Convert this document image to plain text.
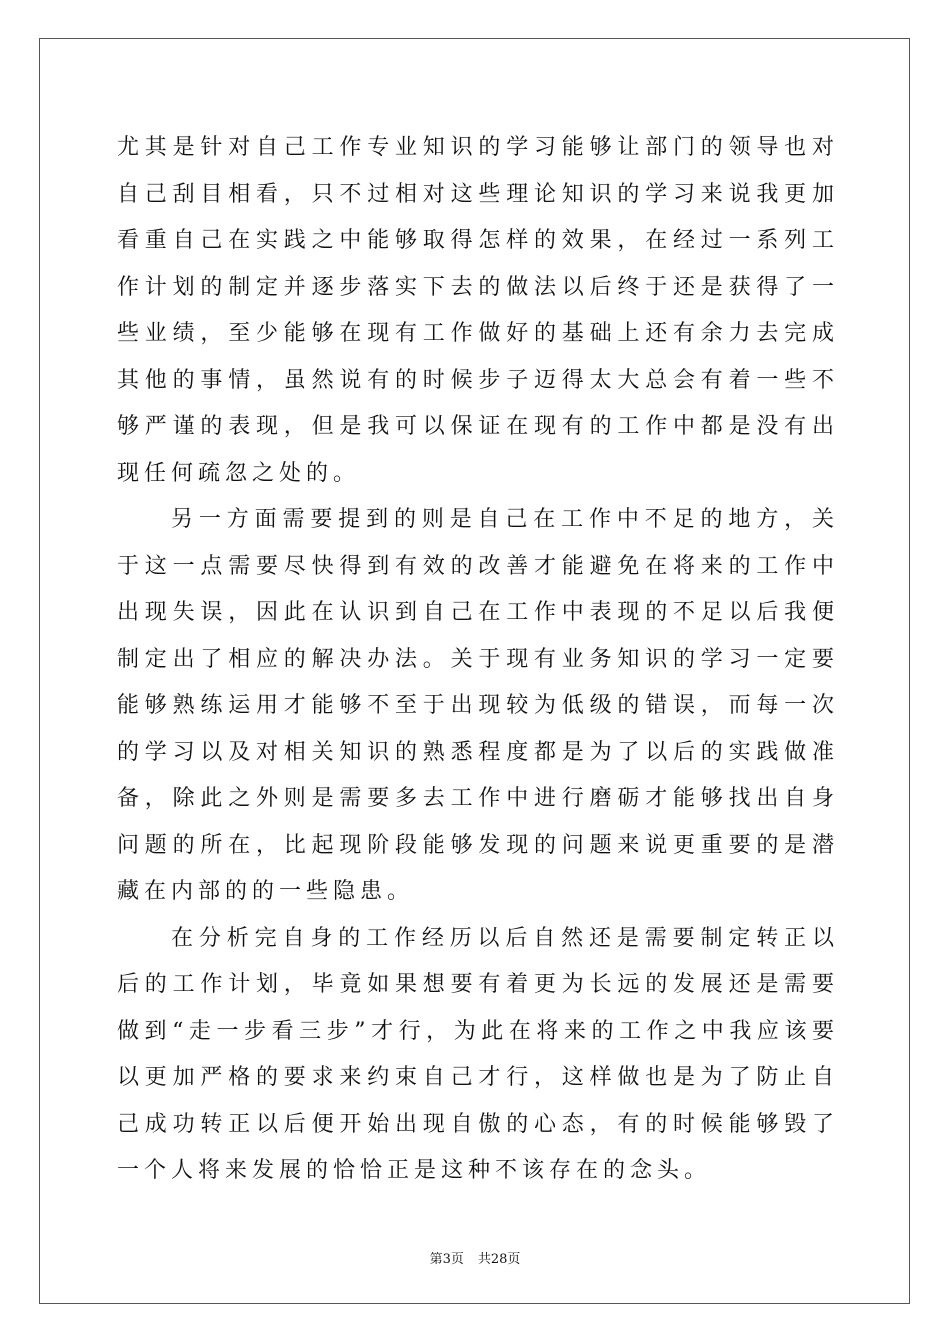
尤其是针对自己工作专业知识的学习能够让部门的领导也对自己刮目相看，只不过相对这些理论知识的学习来说我更加看重自己在实践之中能够取得怎样的效果，在经过一系列工作计划的制定并逐步落实下去的做法以后终于还是获得了一些业绩，至少能够在现有工作做好的基础上还有余力去完成其他的事情，虽然说有的时候步子迈得太大总会有着一些不够严谨的表现，但是我可以保证在现有的工作中都是没有出现任何疏忽之处的。

另一方面需要提到的则是自己在工作中不足的地方，关于这一点需要尽快得到有效的改善才能避免在将来的工作中出现失误，因此在认识到自己在工作中表现的不足以后我便制定出了相应的解决办法。关于现有业务知识的学习一定要能够熟练运用才能够不至于出现较为低级的错误，而每一次的学习以及对相关知识的熟悉程度都是为了以后的实践做准备，除此之外则是需要多去工作中进行磨砺才能够找出自身问题的所在，比起现阶段能够发现的问题来说更重要的是潜藏在内部的的一些隐患。

在分析完自身的工作经历以后自然还是需要制定转正以后的工作计划，毕竟如果想要有着更为长远的发展还是需要做到“走一步看三步”才行，为此在将来的工作之中我应该要以更加严格的要求来约束自己才行，这样做也是为了防止自己成功转正以后便开始出现自傲的心态，有的时候能够毁了一个人将来发展的恰恰正是这种不该存在的念头。

第3页 共28页
